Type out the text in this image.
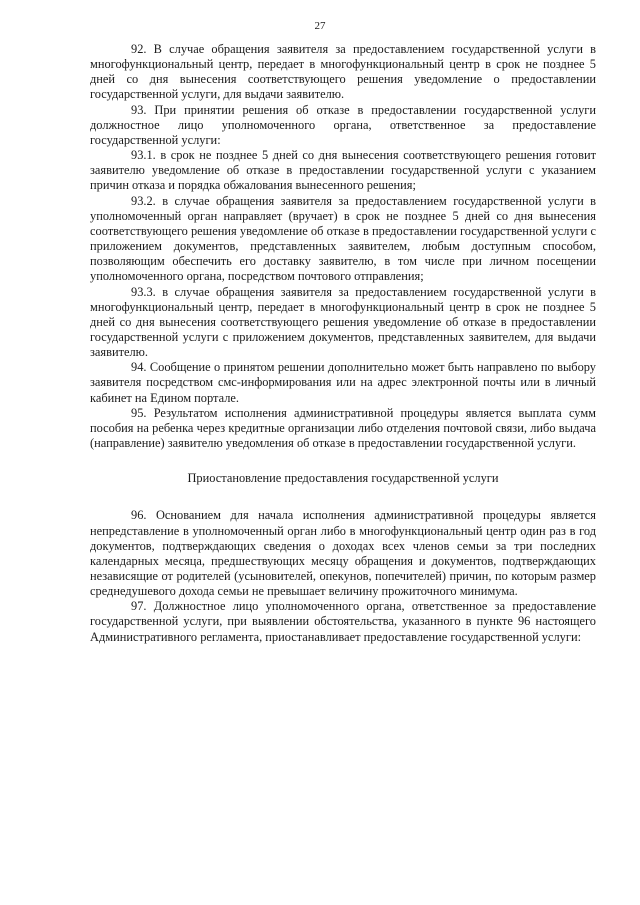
27

92. В случае обращения заявителя за предоставлением государственной услуги в многофункциональный центр, передает в многофункциональный центр в срок не позднее 5 дней со дня вынесения соответствующего решения уведомление о предоставлении государственной услуги, для выдачи заявителю.

93. При принятии решения об отказе в предоставлении государственной услуги должностное лицо уполномоченного органа, ответственное за предоставление государственной услуги:

93.1. в срок не позднее 5 дней со дня вынесения соответствующего решения готовит заявителю уведомление об отказе в предоставлении государственной услуги с указанием причин отказа и порядка обжалования вынесенного решения;

93.2. в случае обращения заявителя за предоставлением государственной услуги в уполномоченный орган направляет (вручает) в срок не позднее 5 дней со дня вынесения соответствующего решения уведомление об отказе в предоставлении государственной услуги с приложением документов, представленных заявителем, любым доступным способом, позволяющим обеспечить его доставку заявителю, в том числе при личном посещении уполномоченного органа, посредством почтового отправления;

93.3. в случае обращения заявителя за предоставлением государственной услуги в многофункциональный центр, передает в многофункциональный центр в срок не позднее 5 дней со дня вынесения соответствующего решения уведомление об отказе в предоставлении государственной услуги с приложением документов, представленных заявителем, для выдачи заявителю.

94. Сообщение о принятом решении дополнительно может быть направлено по выбору заявителя посредством смс-информирования или на адрес электронной почты или в личный кабинет на Едином портале.

95. Результатом исполнения административной процедуры является выплата сумм пособия на ребенка через кредитные организации либо отделения почтовой связи, либо выдача (направление) заявителю уведомления об отказе в предоставлении государственной услуги.

Приостановление предоставления государственной услуги

96. Основанием для начала исполнения административной процедуры является непредставление в уполномоченный орган либо в многофункциональный центр один раз в год документов, подтверждающих сведения о доходах всех членов семьи за три последних календарных месяца, предшествующих месяцу обращения и документов, подтверждающих независящие от родителей (усыновителей, опекунов, попечителей) причин, по которым размер среднедушевого дохода семьи не превышает величину прожиточного минимума.

97. Должностное лицо уполномоченного органа, ответственное за предоставление государственной услуги, при выявлении обстоятельства, указанного в пункте 96 настоящего Административного регламента, приостанавливает предоставление государственной услуги:
